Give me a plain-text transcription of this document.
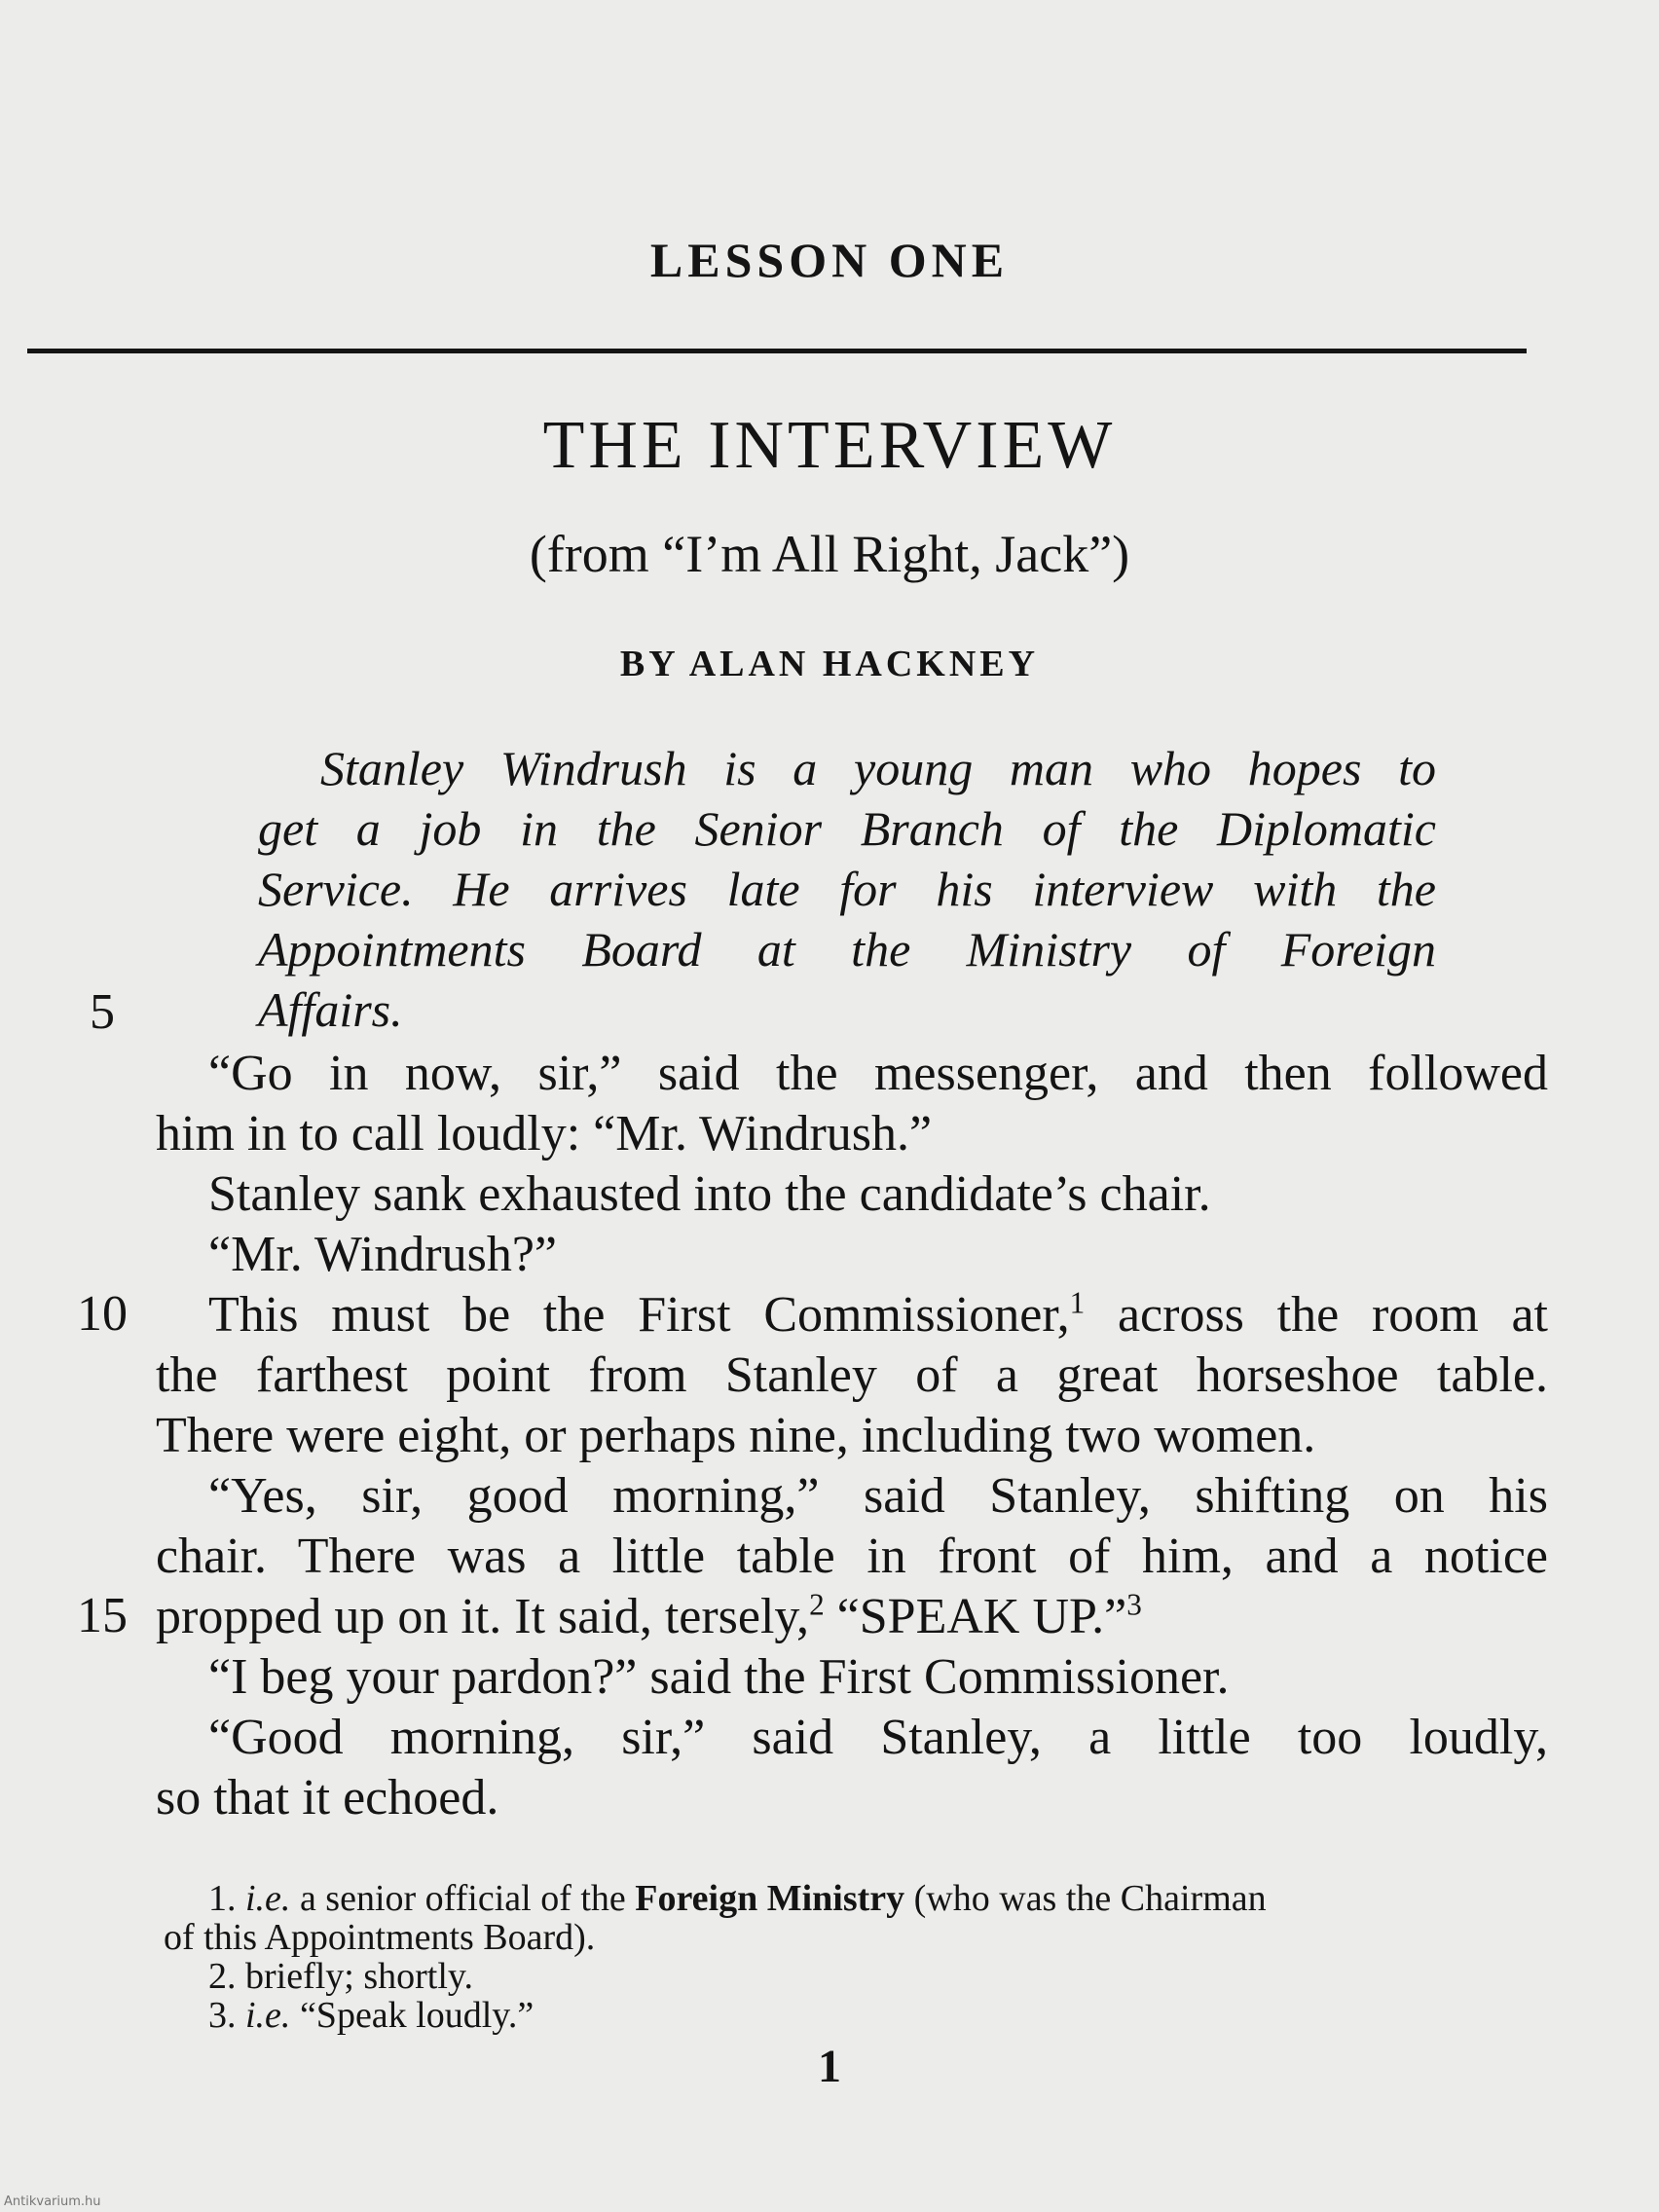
LESSON ONE
THE INTERVIEW
(from “I’m All Right, Jack”)
BY ALAN HACKNEY
Stanley Windrush is a young man who hopes to
get a job in the Senior Branch of the Diplomatic
Service. He arrives late for his interview with the
Appointments Board at the Ministry of Foreign
Affairs.
5
10
15
“Go in now, sir,” said the messenger, and then followed
him in to call loudly: “Mr. Windrush.”
Stanley sank exhausted into the candidate’s chair.
“Mr. Windrush?”
This must be the First Commissioner,$^1$ across the room at
the farthest point from Stanley of a great horseshoe table.
There were eight, or perhaps nine, including two women.
“Yes, sir, good morning,” said Stanley, shifting on his
chair. There was a little table in front of him, and a notice
propped up on it. It said, tersely,$^2$ “SPEAK UP.”$^3$
“I beg your pardon?” said the First Commissioner.
“Good morning, sir,” said Stanley, a little too loudly,
so that it echoed.
1. i.e. a senior official of the Foreign Ministry (who was the Chairman
of this Appointments Board).
2. briefly; shortly.
3. i.e. “Speak loudly.”
1
Antikvarium.hu
